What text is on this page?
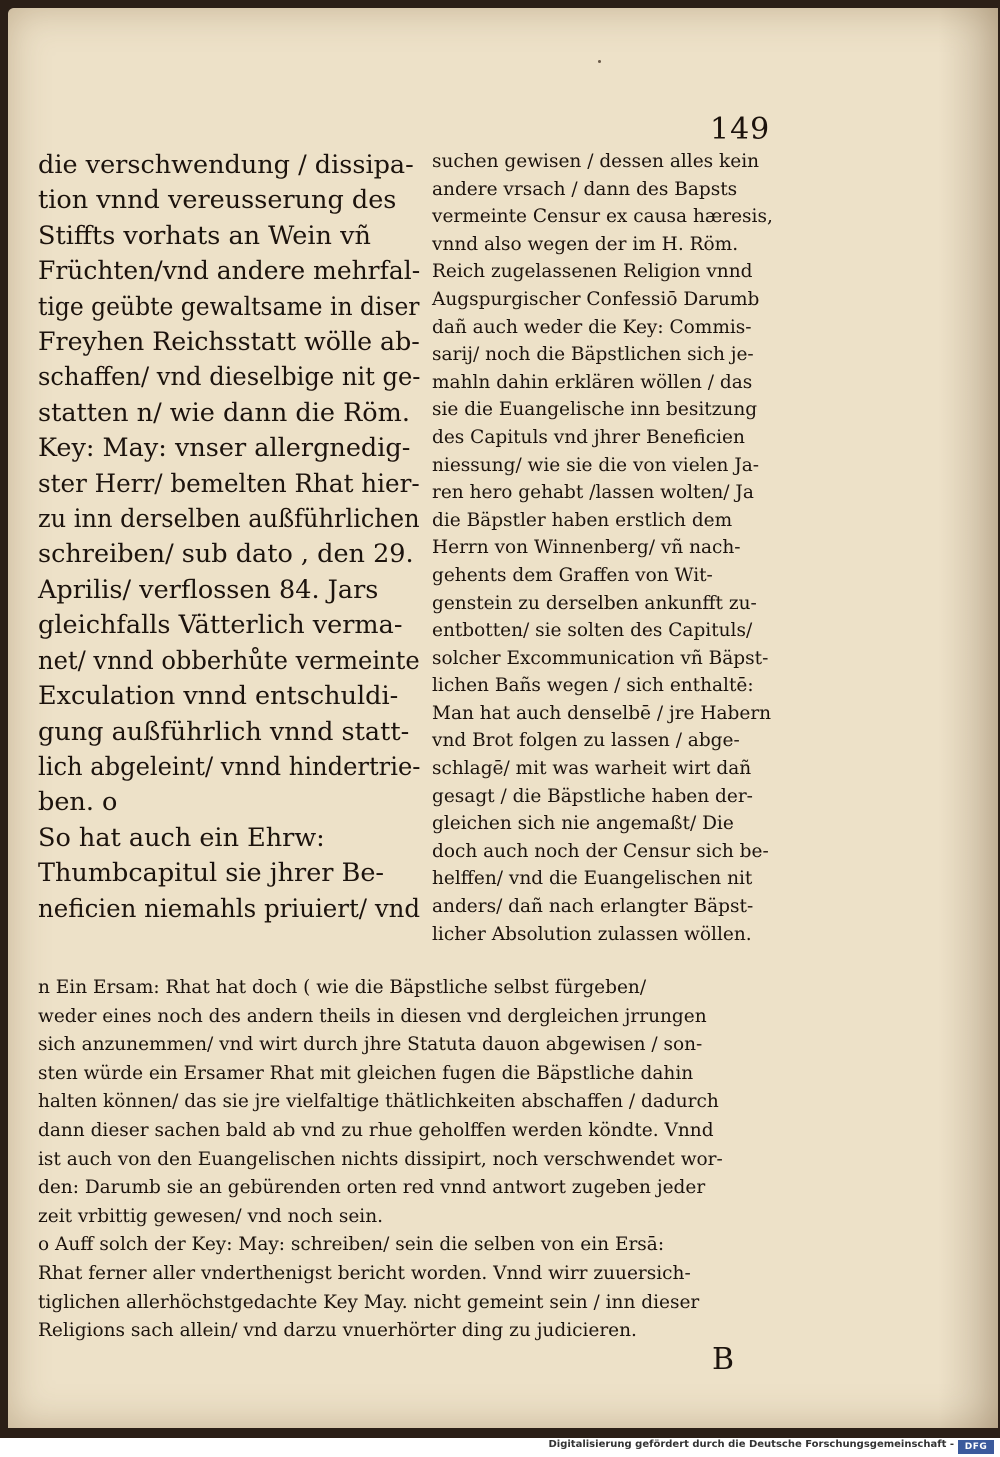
149
die verschwendung / dissipa-
tion vnnd vereusserung des
Stiffts vorhats an Wein vñ
Früchten/vnd andere mehrfal-
tige geübte gewaltsame in diser
Freyhen Reichsstatt wölle ab-
schaffen/ vnd dieselbige nit ge-
statten n/ wie dann die Röm.
Key: May: vnser allergnedig-
ster Herr/ bemelten Rhat hier-
zu inn derselben außführlichen
schreiben/ sub dato , den 29.
Aprilis/ verflossen 84. Jars
gleichfalls Vätterlich verma-
net/ vnnd obberhůte vermeinte
Exculation vnnd entschuldi-
gung außführlich vnnd statt-
lich abgeleint/ vnnd hindertrie-
ben. o
So hat auch ein Ehrw:
Thumbcapitul sie jhrer Be-
neficien niemahls priuiert/ vnd
suchen gewisen / dessen alles kein
andere vrsach / dann des Bapsts
vermeinte Censur ex causa hæresis,
vnnd also wegen der im H. Röm.
Reich zugelassenen Religion vnnd
Augspurgischer Confessiō Darumb
dañ auch weder die Key: Commis-
sarij/ noch die Bäpstlichen sich je-
mahln dahin erklären wöllen / das
sie die Euangelische inn besitzung
des Capituls vnd jhrer Beneficien
niessung/ wie sie die von vielen Ja-
ren hero gehabt /lassen wolten/ Ja
die Bäpstler haben erstlich dem
Herrn von Winnenberg/ vñ nach-
gehents dem Graffen von Wit-
genstein zu derselben ankunfft zu-
entbotten/ sie solten des Capituls/
solcher Excommunication vñ Bäpst-
lichen Bañs wegen / sich enthaltē:
Man hat auch denselbē / jre Habern
vnd Brot folgen zu lassen / abge-
schlagē/ mit was warheit wirt dañ
gesagt / die Bäpstliche haben der-
gleichen sich nie angemaßt/ Die
doch auch noch der Censur sich be-
helffen/ vnd die Euangelischen nit
anders/ dañ nach erlangter Bäpst-
licher Absolution zulassen wöllen.
n Ein Ersam: Rhat hat doch ( wie die Bäpstliche selbst fürgeben/
weder eines noch des andern theils in diesen vnd dergleichen jrrungen
sich anzunemmen/ vnd wirt durch jhre Statuta dauon abgewisen / son-
sten würde ein Ersamer Rhat mit gleichen fugen die Bäpstliche dahin
halten können/ das sie jre vielfaltige thätlichkeiten abschaffen / dadurch
dann dieser sachen bald ab vnd zu rhue geholffen werden köndte. Vnnd
ist auch von den Euangelischen nichts dissipirt, noch verschwendet wor-
den: Darumb sie an gebürenden orten red vnnd antwort zugeben jeder
zeit vrbittig gewesen/ vnd noch sein.
o Auff solch der Key: May: schreiben/ sein die selben von ein Ersā:
Rhat ferner aller vnderthenigst bericht worden. Vnnd wirr zuuersich-
tiglichen allerhöchstgedachte Key May. nicht gemeint sein / inn dieser
Religions sach allein/ vnd darzu vnuerhörter ding zu judicieren.
B
Digitalisierung gefördert durch die Deutsche Forschungsgemeinschaft -	DFG
